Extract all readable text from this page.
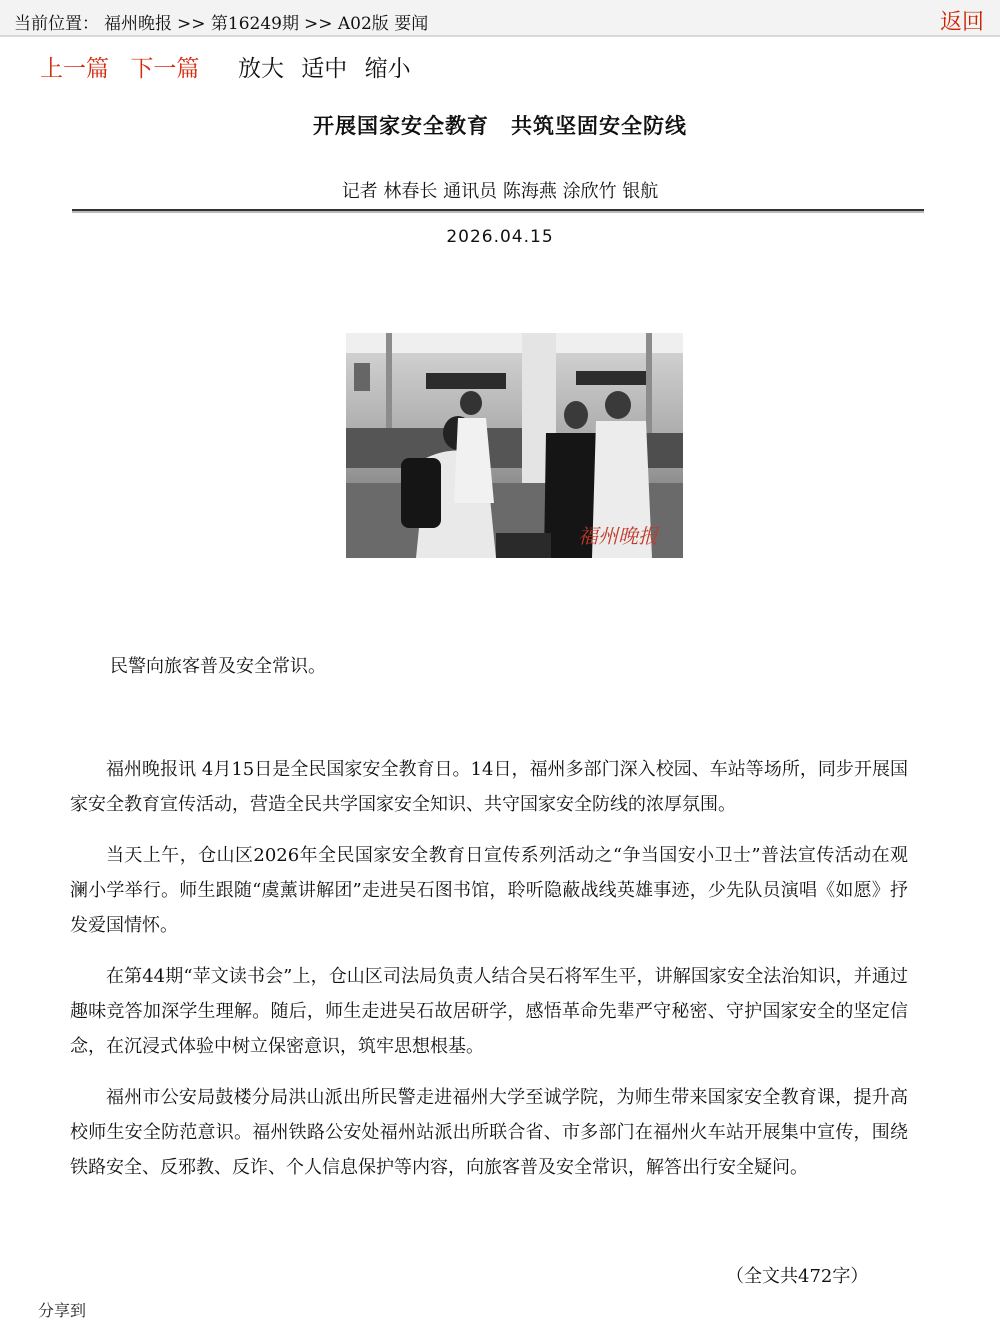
当前位置： 福州晚报 >> 第16249期 >> A02版 要闻	返回
上一篇 下一篇 放大 适中 缩小
开展国家安全教育　共筑坚固安全防线
记者 林春长 通讯员 陈海燕 涂欣竹 银航
2026.04.15
福州晚报
民警向旅客普及安全常识。

福州晚报讯 4月15日是全民国家安全教育日。14日，福州多部门深入校园、车站等场所，同步开展国家安全教育宣传活动，营造全民共学国家安全知识、共守国家安全防线的浓厚氛围。

当天上午，仓山区2026年全民国家安全教育日宣传系列活动之“争当国安小卫士”普法宣传活动在观澜小学举行。师生跟随“虞薰讲解团”走进吴石图书馆，聆听隐蔽战线英雄事迹，少先队员演唱《如愿》抒发爱国情怀。

在第44期“苹文读书会”上，仓山区司法局负责人结合吴石将军生平，讲解国家安全法治知识，并通过趣味竞答加深学生理解。随后，师生走进吴石故居研学，感悟革命先辈严守秘密、守护国家安全的坚定信念，在沉浸式体验中树立保密意识，筑牢思想根基。

福州市公安局鼓楼分局洪山派出所民警走进福州大学至诚学院，为师生带来国家安全教育课，提升高校师生安全防范意识。福州铁路公安处福州站派出所联合省、市多部门在福州火车站开展集中宣传，围绕铁路安全、反邪教、反诈、个人信息保护等内容，向旅客普及安全常识，解答出行安全疑问。

（全文共472字）
分享到
